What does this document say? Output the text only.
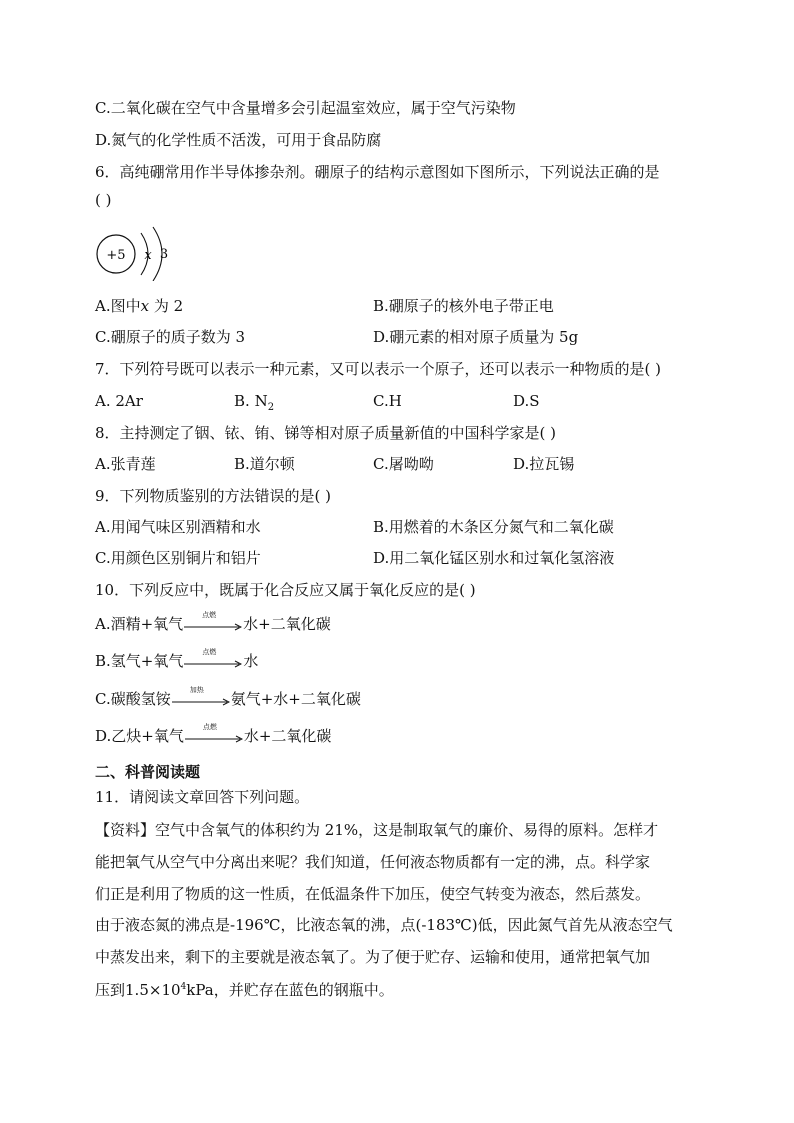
C.二氧化碳在空气中含量增多会引起温室效应，属于空气污染物
D.氮气的化学性质不活泼，可用于食品防腐
6．高纯硼常用作半导体掺杂剂。硼原子的结构示意图如下图所示，下列说法正确的是
( )
+5 x 3
A.图中x 为 2	B.硼原子的核外电子带正电
C.硼原子的质子数为 3	D.硼元素的相对原子质量为 5g
7．下列符号既可以表示一种元素，又可以表示一个原子，还可以表示一种物质的是( )
A. 2Ar	B. $N_2$	C.H	D.S
8．主持测定了铟、铱、铕、锑等相对原子质量新值的中国科学家是( )
A.张青莲	B.道尔顿	C.屠呦呦	D.拉瓦锡
9．下列物质鉴别的方法错误的是( )
A.用闻气味区别酒精和水	B.用燃着的木条区分氮气和二氧化碳
C.用颜色区别铜片和铝片	D.用二氧化锰区别水和过氧化氢溶液
10．下列反应中，既属于化合反应又属于氧化反应的是( )
A.酒精+氧气	点燃	水+二氧化碳
B.氢气+氧气	点燃	水
C.碳酸氢铵	加热	氨气+水+二氧化碳
D.乙炔+氧气	点燃	水+二氧化碳
二、科普阅读题
11．请阅读文章回答下列问题。
【资料】空气中含氧气的体积约为 21%，这是制取氧气的廉价、易得的原料。怎样才
能把氧气从空气中分离出来呢？我们知道，任何液态物质都有一定的沸，点。科学家
们正是利用了物质的这一性质，在低温条件下加压，使空气转变为液态，然后蒸发。
由于液态氮的沸点是-196℃，比液态氧的沸，点(-183℃)低，因此氮气首先从液态空气
中蒸发出来，剩下的主要就是液态氧了。为了便于贮存、运输和使用，通常把氧气加
压到$1.5\times 10^4kPa$，并贮存在蓝色的钢瓶中。
